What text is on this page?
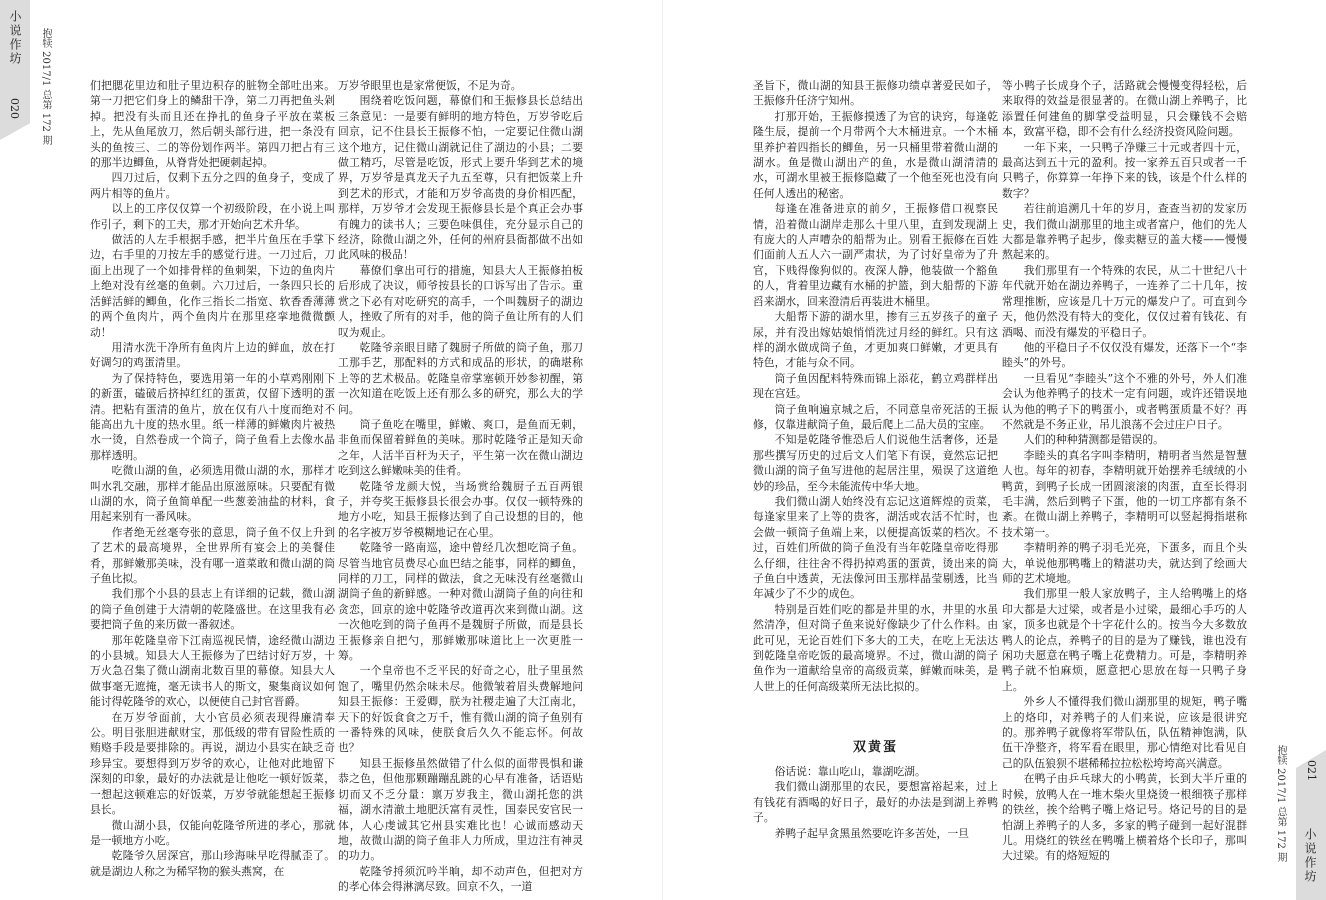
小说作坊
020 抱犊 2017/1 总第 172 期	们把腮花里边和肚子里边积存的脏物全部吐出来。第一刀把它们身上的鳞甜干净，第二刀再把鱼头剁掉。把没有头而且还在挣扎的鱼身子平放在菜板上，先从鱼尾放刀，然后朝头部行进，把一条没有头的鱼按三、二的等份划作两半。第四刀把占有三的那半边鲫鱼，从脊背处把硬刺起掉。

四刀过后，仅剩下五分之四的鱼身子，变成了两片相等的鱼片。

以上的工序仅仅算一个初级阶段，在小说上叫作引子，剩下的工夫，那才开始向艺术升华。

做活的人左手根据手感，把半片鱼压在手掌下边，右手里的刀按左手的感觉行进。一刀过后，刀面上出现了一个如排骨样的鱼刺架，下边的鱼肉片上绝对没有丝毫的鱼刺。六刀过后，一条四只长的活鲜活鲜的鲫鱼，化作三指长二指宽、软香香薄薄的两个鱼肉片，两个鱼肉片在那里痉挛地微微颤动！

用清水洗干净所有鱼肉片上边的鲜血，放在打好调匀的鸡蛋清里。

为了保持特色，要选用第一年的小草鸡刚刚下的新蛋，磕破后挤掉红红的蛋黄，仅留下透明的蛋清。把粘有蛋清的鱼片，放在仅有八十度而绝对不能高出九十度的热水里。纸一样薄的鲜嫩肉片被热水一烫，自然卷成一个筒子，筒子鱼看上去像水晶那样透明。

吃微山湖的鱼，必须选用微山湖的水，那样才叫水乳交融，那样才能品出原滋原味。只要配有微山湖的水，筒子鱼简单配一些葱姜油盐的材料，食用起来别有一番风味。

作者绝无丝毫夸张的意思，筒子鱼不仅上升到了艺术的最高境界，全世界所有宴会上的美餐佳肴，那鲜嫩那美味，没有哪一道菜敢和微山湖的筒子鱼比拟。

我们那个小县的县志上有详细的记载，微山湖的筒子鱼创建于大清朝的乾隆盛世。在这里我有必要把筒子鱼的来历做一番叙述。

那年乾隆皇帝下江南巡视民情，途经微山湖边的小县城。知县大人王振修为了巴结讨好万岁，十万火急召集了微山湖南北数百里的幕僚。知县大人做事毫无遮掩，毫无读书人的斯文，聚集商议如何能讨得乾隆爷的欢心，以便使自己封官晋爵。

在万岁爷面前，大小官员必须表现得廉清奉公。明目张胆进献财宝，那低级的带有冒险性质的贿赂手段是要排除的。再说，湖边小县实在缺乏奇珍异宝。要想得到万岁爷的欢心，让他对此地留下深刻的印象，最好的办法就是让他吃一顿好饭菜，一想起这顿难忘的好饭菜，万岁爷就能想起王振修县长。

微山湖小县，仅能向乾隆爷所进的孝心，那就是一顿地方小吃。

乾隆爷久居深宫，那山珍海味早吃得腻歪了。就是湖边人称之为稀罕物的猴头燕窝，在

万岁爷眼里也是家常便饭，不足为奇。

围绕着吃饭问题，幕僚们和王振修县长总结出三条意见：一是要有鲜明的地方特色，万岁爷吃后回京，记不住县长王振修不怕，一定要记住微山湖这个地方，记住微山湖就记住了湖边的小县；二要做工精巧，尽管是吃饭，形式上要升华到艺术的境界，万岁爷是真龙天子九五至尊，只有把饭菜上升到艺术的形式，才能和万岁爷高贵的身价相匹配，那样，万岁爷才会发现王振修县长是个真正会办事有魄力的读书人；三要色味俱佳，充分显示自己的经济，除微山湖之外，任何的州府县衙都做不出如此风味的极品！

幕僚们拿出可行的措施，知县大人王振修拍板后形成了决议，师爷按县长的口诉写出了告示。重赏之下必有对吃研究的高手，一个叫魏厨子的湖边人，挫败了所有的对手，他的筒子鱼让所有的人们叹为观止。

乾隆爷亲眼目睹了魏厨子所做的筒子鱼，那刀工那手艺，那配料的方式和成品的形状，的确堪称上等的艺术极品。乾隆皇帝掌塞顿开妙参初醒，第一次知道在吃饭上还有那么多的研究，那么大的学问。

筒子鱼吃在嘴里，鲜嫩、爽口，是鱼而无刺，非鱼而保留着鲜鱼的美味。那时乾隆爷正是知天命之年，人活半百杆为天子，平生第一次在微山湖边吃到这么鲜嫩味美的佳肴。

乾隆爷龙颜大悦，当场赏给魏厨子五百两银子，并夸奖王振修县长很会办事。仅仅一顿特殊的地方小吃，知县王振修达到了自己设想的目的，他的名字被万岁爷模糊地记在心里。

乾隆爷一路南巡，途中曾经几次想吃筒子鱼。尽管当地官员费尽心血巴结之能事，同样的鲫鱼，同样的刀工，同样的做法，食之无味没有丝毫微山湖筒子鱼的新鲜感。一种对微山湖筒子鱼的向往和贪恋，回京的途中乾隆爷改道再次来到微山湖。这一次他吃到的筒子鱼再不是魏厨子所做，而是县长王振修亲自把勺，那鲜嫩那味道比上一次更胜一筹。

一个皇帝也不乏平民的好奇之心，肚子里虽然饱了，嘴里仍然余味未尽。他微皱着眉头费解地问知县王振修：王爱卿，朕为社稷走遍了大江南北，天下的好饭食食之万千，惟有微山湖的筒子鱼别有一番特殊的风味，使朕食后久久不能忘怀。何故也？

知县王振修虽然做错了什么似的面带畏惧和谦恭之色，但他那颗蹦蹦乱跳的心早有准备，话语贴切而又不乏分量：禀万岁我主，微山湖托您的洪福，湖水清澈土地肥沃富有灵性，国泰民安官民一体，人心虔诚其它州县实难比也！心诚而感动天地，故微山湖的筒子鱼非人力所成，里边注有神灵的功力。

乾隆爷捋须沉吟半晌，却不动声色，但把对方的孝心体会得淋漓尽致。回京不久，一道

小说作坊
021
抱犊 2017/1 总第 172 期

圣旨下，微山湖的知县王振修功绩卓著爱民如子，王振修升任济宁知州。

打那开始，王振修摸透了为官的诀窍，每逢乾隆生辰，提前一个月带两个大木桶进京。一个木桶里养护着四指长的鲫鱼，另一只桶里带着微山湖的湖水。鱼是微山湖出产的鱼，水是微山湖清清的水，可湖水里被王振修隐藏了一个他至死也没有向任何人透出的秘密。

每逢在准备进京的前夕，王振修借口视察民情，沿着微山湖岸走那么十里八里，直到发现湖上有庞大的人声嘈杂的船帮为止。别看王振修在百姓们面前人五人六一副严肃状，为了讨好皇帝为了升官，下贱得像狗似的。夜深人静，他装做一个豁鱼的人，背着里边藏有水桶的护篮，到大船帮的下游舀来湖水，回来澄清后再装进木桶里。

大船帮下游的湖水里，掺有三五岁孩子的童子尿，并有没出嫁姑娘悄悄洗过月经的鲜红。只有这样的湖水做成筒子鱼，才更加爽口鲜嫩，才更具有特色，才能与众不同。

筒子鱼因配料特殊而锦上添花，鹤立鸡群样出现在宫廷。

筒子鱼响遍京城之后，不同意皇帝死活的王振修，仅靠进献筒子鱼，最后爬上二品大员的宝座。

不知是乾隆爷惟恐后人们说他生活奢侈，还是那些撰写历史的过后文人们笔下有误，竟然忘记把微山湖的筒子鱼写进他的起居注里，殒误了这道绝妙的珍品，至今未能流传中华大地。

我们微山湖人始终没有忘记这道辉煌的贡菜，每逢家里来了上等的贵客，湖活或农活不忙时，也会做一顿筒子鱼端上来，以便提高饭菜的档次。不过，百姓们所做的筒子鱼没有当年乾隆皇帝吃得那么仔细，往往舍不得扔掉鸡蛋的蛋黄，烫出来的筒子鱼白中透黄，无法像河田玉那样晶莹剔透，比当年减少了不少的成色。

特别是百姓们吃的都是井里的水，井里的水虽然清净，但对筒子鱼来说好像缺少了什么作料。由此可见，无论百姓们下多大的工夫，在吃上无法达到乾隆皇帝吃饭的最高境界。不过，微山湖的筒子鱼作为一道献给皇帝的高级贡菜，鲜嫩而味美，是人世上的任何高级菜所无法比拟的。

双黄蛋

俗话说：靠山吃山，靠湖吃湖。

我们微山湖那里的农民，要想富裕起来，过上有钱花有酒喝的好日子，最好的办法是到湖上养鸭子。

养鸭子起早贪黑虽然要吃许多苦处，一旦

等小鸭子长成身个子，活路就会慢慢变得轻松，后来取得的效益是很显著的。在微山湖上养鸭子，比添置任何建鱼的脚掌受益明显，只会赚钱不会赔本，致富平稳，即不会有什么经济投资风险问题。

一年下来，一只鸭子净赚三十元或者四十元，最高达到五十元的盈利。按一家养五百只或者一千只鸭子，你算算一年挣下来的钱，该是个什么样的数字？

若往前追溯几十年的岁月，查查当初的发家历史，我们微山湖那里的地主或者富户，他们的先人大都是靠养鸭子起步，像卖糖豆的盖大楼——慢慢熬起来的。

我们那里有一个特殊的农民，从二十世纪八十年代就开始在湖边养鸭子，一连养了二十几年，按常理推断，应该是几十万元的爆发户了。可直到今天，他仍然没有特大的变化，仅仅过着有钱花、有酒喝、而没有爆发的平稳日子。

他的平稳日子不仅仅没有爆发，还落下一个“李睦头”的外号。

一旦看见“李睦头”这个不雅的外号，外人们准会认为他养鸭子的技术一定有问题，或许还错误地认为他的鸭子下的鸭蛋小，或者鸭蛋质量不好？再不然就是不务正业，吊儿浪荡不会过庄户日子。

人们的种种猜测都是错误的。

李睦头的真名字叫李精明，精明者当然是智慧人也。每年的初春，李精明就开始摆养毛绒绒的小鸭黄，到鸭子长成一团圆滚滚的肉蛋，直至长得羽毛丰满，然后到鸭子下蛋，他的一切工序都有条不紊。在微山湖上养鸭子，李精明可以竖起拇指堪称技术第一。

李精明养的鸭子羽毛光亮，下蛋多，而且个头大，单说他那鸭嘴上的精湛功夫，就达到了绘画大师的艺术境地。

我们那里一般人家放鸭子，主人给鸭嘴上的烙印大都是大过梁，或者是小过梁，最细心手巧的人家，顶多也就是个十字花什么的。按当今大多数放鸭人的论点，养鸭子的目的是为了赚钱，谁也没有闲功夫愿意在鸭子嘴上花费精力。可是，李精明养鸭子就不怕麻烦，愿意把心思放在每一只鸭子身上。

外乡人不懂得我们微山湖那里的规矩，鸭子嘴上的烙印，对养鸭子的人们来说，应该是很讲究的。那养鸭子就像将军带队伍，队伍精神饱满，队伍干净整齐，将军看在眼里，那心情绝对比看见自己的队伍狼狈不堪稀稀拉拉松松垮垮高兴满意。

在鸭子由乒乓球大的小鸭黄，长到大半斤重的时候，放鸭人在一堆木柴火里烧烫一根细筷子那样的铁丝，挨个给鸭子嘴上烙记号。烙记号的目的是怕湖上养鸭子的人多，多家的鸭子碰到一起好混群儿。用烧红的铁丝在鸭嘴上横着烙个长印子，那叫大过梁。有的烙短短的
